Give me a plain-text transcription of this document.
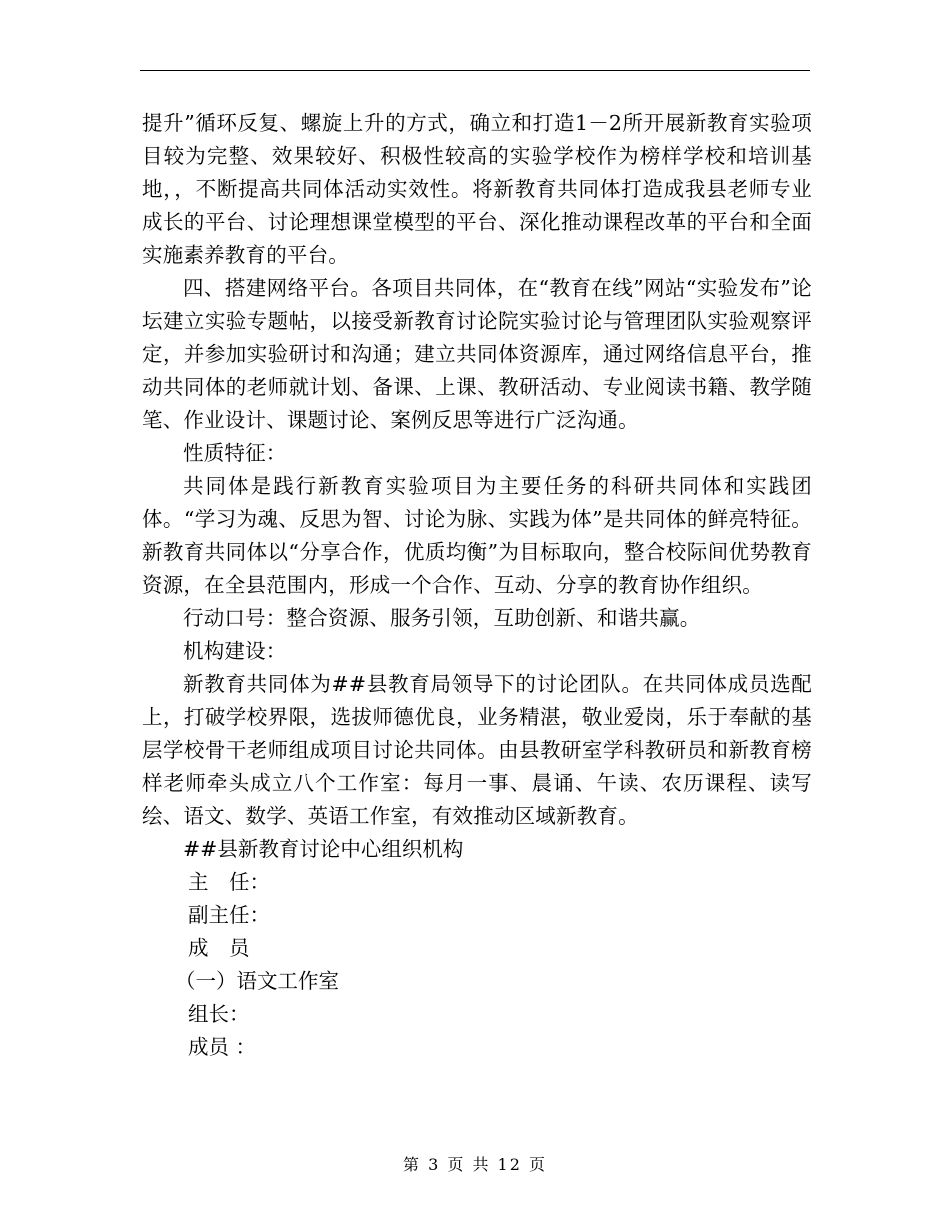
提升”循环反复、螺旋上升的方式，确立和打造1－2所开展新教育实验项目较为完整、效果较好、积极性较高的实验学校作为榜样学校和培训基地，，不断提高共同体活动实效性。将新教育共同体打造成我县老师专业成长的平台、讨论理想课堂模型的平台、深化推动课程改革的平台和全面实施素养教育的平台。

四、搭建网络平台。各项目共同体，在“教育在线”网站“实验发布”论坛建立实验专题帖，以接受新教育讨论院实验讨论与管理团队实验观察评定，并参加实验研讨和沟通；建立共同体资源库，通过网络信息平台，推动共同体的老师就计划、备课、上课、教研活动、专业阅读书籍、教学随笔、作业设计、课题讨论、案例反思等进行广泛沟通。

性质特征：

共同体是践行新教育实验项目为主要任务的科研共同体和实践团体。“学习为魂、反思为智、讨论为脉、实践为体”是共同体的鲜亮特征。新教育共同体以“分享合作，优质均衡”为目标取向，整合校际间优势教育资源，在全县范围内，形成一个合作、互动、分享的教育协作组织。

行动口号：整合资源、服务引领，互助创新、和谐共赢。

机构建设：

新教育共同体为##县教育局领导下的讨论团队。在共同体成员选配上，打破学校界限，选拔师德优良，业务精湛，敬业爱岗，乐于奉献的基层学校骨干老师组成项目讨论共同体。由县教研室学科教研员和新教育榜样老师牵头成立八个工作室：每月一事、晨诵、午读、农历课程、读写绘、语文、数学、英语工作室，有效推动区域新教育。

##县新教育讨论中心组织机构

主　任：

副主任：

成　员

（一）语文工作室

组长：

成员 ：

第 3 页 共 12 页
